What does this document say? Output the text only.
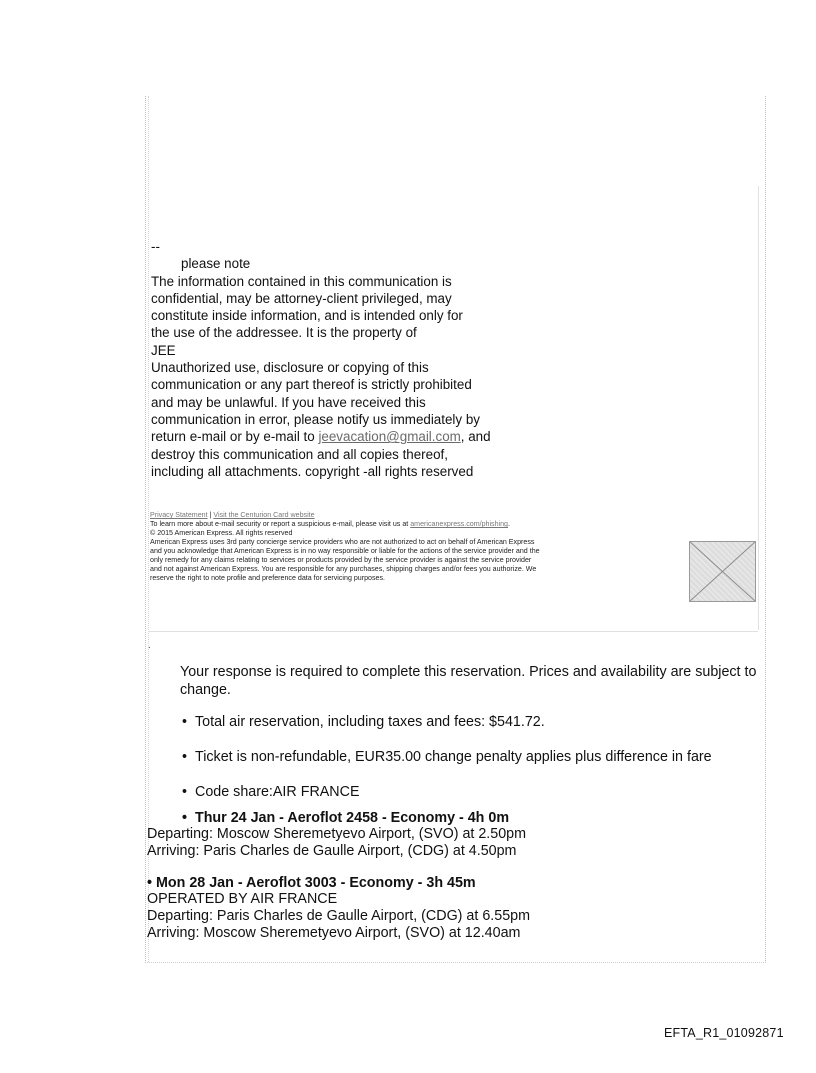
--
please note
The information contained in this communication is
confidential, may be attorney-client privileged, may
constitute inside information, and is intended only for
the use of the addressee. It is the property of
JEE
Unauthorized use, disclosure or copying of this
communication or any part thereof is strictly prohibited
and may be unlawful. If you have received this
communication in error, please notify us immediately by
return e-mail or by e-mail to jeevacation@gmail.com, and
destroy this communication and all copies thereof,
including all attachments. copyright -all rights reserved
Privacy Statement | Visit the Centurion Card website
To learn more about e-mail security or report a suspicious e-mail, please visit us at americanexpress.com/phishing.
© 2015 American Express. All rights reserved
American Express uses 3rd party concierge service providers who are not authorized to act on behalf of American Express
and you acknowledge that American Express is in no way responsible or liable for the actions of the service provider and the
only remedy for any claims relating to services or products provided by the service provider is against the service provider
and not against American Express. You are responsible for any purchases, shipping charges and/or fees you authorize. We
reserve the right to note profile and preference data for servicing purposes.
.
Your response is required to complete this reservation. Prices and availability are subject to change.
• Total air reservation, including taxes and fees: $541.72.
• Ticket is non-refundable, EUR35.00 change penalty applies plus difference in fare
• Code share:AIR FRANCE
• Thur 24 Jan - Aeroflot 2458 - Economy - 4h 0m
Departing: Moscow Sheremetyevo Airport, (SVO) at 2.50pm
Arriving: Paris Charles de Gaulle Airport, (CDG) at 4.50pm
• Mon 28 Jan - Aeroflot 3003 - Economy - 3h 45m
OPERATED BY AIR FRANCE
Departing: Paris Charles de Gaulle Airport, (CDG) at 6.55pm
Arriving: Moscow Sheremetyevo Airport, (SVO) at 12.40am
EFTA_R1_01092871
